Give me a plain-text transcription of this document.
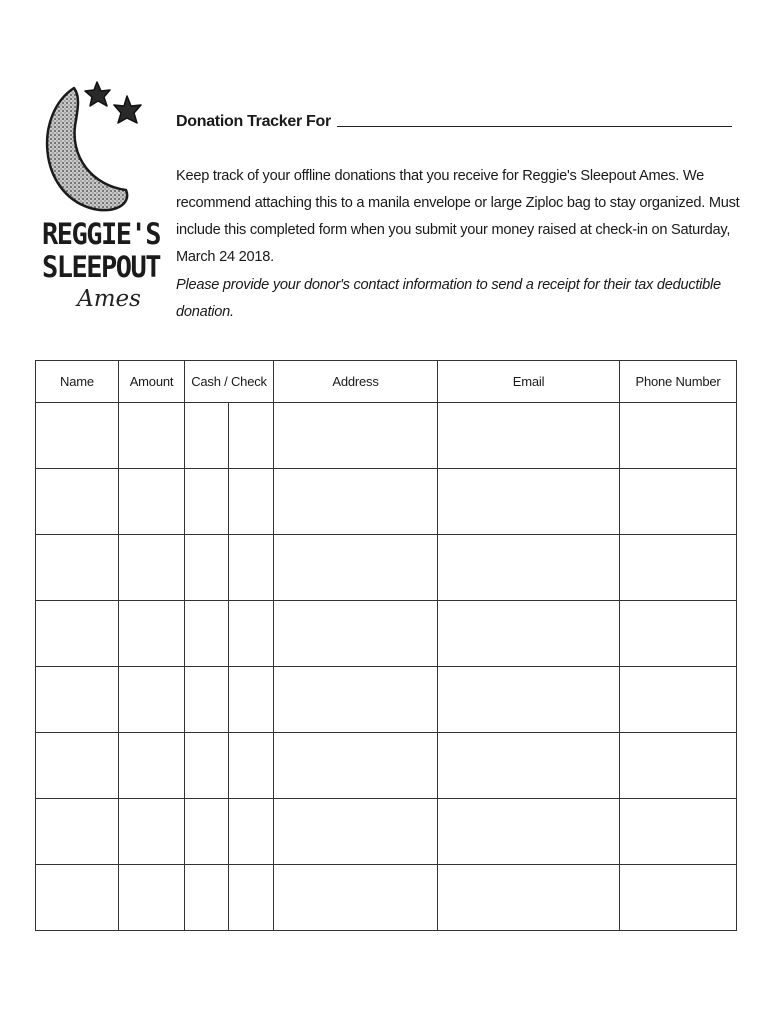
REGGIE'S
SLEEPOUT
Ames
Donation Tracker For

Keep track of your offline donations that you receive for Reggie's Sleepout Ames. We recommend attaching this to a manila envelope or large Ziploc bag to stay organized. Must include this completed form when you submit your money raised at check-in on Saturday, March 24 2018.

Please provide your donor's contact information to send a receipt for their tax deductible donation.

Name	Amount	Cash / Check		Address	Email	Phone Number
